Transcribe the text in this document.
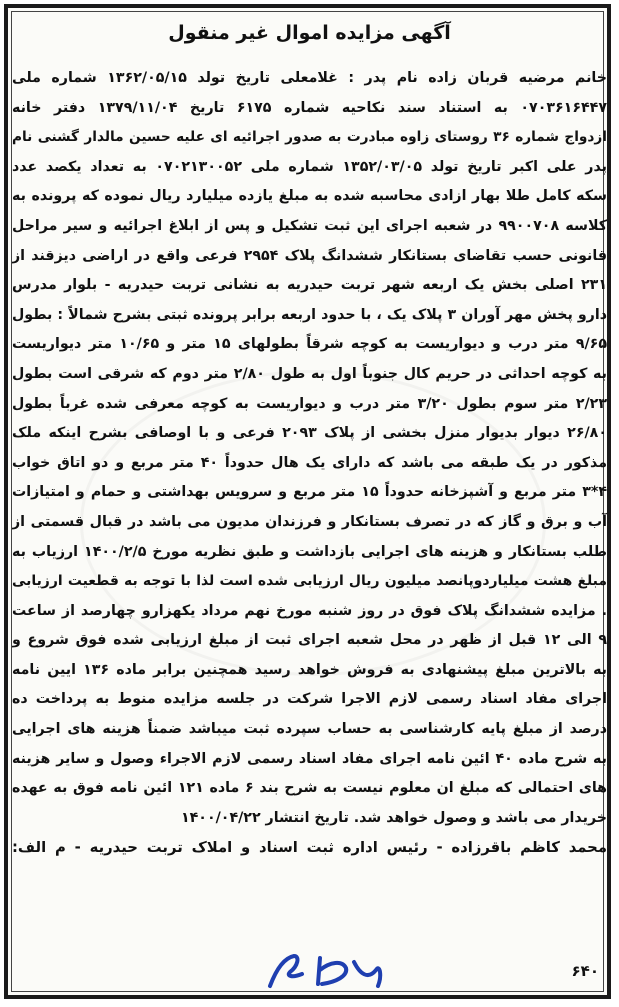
آگهی مزایده اموال غیر منقول
خانم مرضیه قربان زاده نام پدر : غلامعلی تاریخ تولد ۱۳۶۲/۰۵/۱۵ شماره ملی
۰۷۰۳۶۱۶۴۴۷ به استناد سند نکاحیه شماره ۶۱۷۵ تاریخ ۱۳۷۹/۱۱/۰۴ دفتر خانه
ازدواج شماره ۳۶ روستای زاوه مبادرت به صدور اجرائیه ای علیه حسین مالدار گشنی نام
پدر علی اکبر تاریخ تولد ۱۳۵۲/۰۳/۰۵ شماره ملی ۰۷۰۲۱۳۰۰۵۲ به تعداد یکصد عدد
سکه کامل طلا بهار ازادی محاسبه شده به مبلغ یازده میلیارد ریال نموده که پرونده به
کلاسه ۹۹۰۰۷۰۸ در شعبه اجرای این ثبت تشکیل و پس از ابلاغ اجرائیه و سیر مراحل
قانونی حسب تقاضای بستانکار ششدانگ پلاک ۲۹۵۴ فرعی واقع در اراضی دیزقند از
۲۳۱ اصلی بخش یک اربعه شهر تربت حیدریه به نشانی تربت حیدریه - بلوار مدرس
دارو پخش مهر آوران ۳ پلاک یک ، با حدود اربعه برابر پرونده ثبتی بشرح شمالاً : بطول
۹/۶۵ متر درب و دیواریست به کوچه شرقاً بطولهای ۱۵ متر و ۱۰/۶۵ متر دیواریست
به کوچه احداثی در حریم کال جنوباً اول به طول ۲/۸۰ متر دوم که شرقی است بطول
۲/۲۳ متر سوم بطول ۳/۲۰ متر درب و دیواریست به کوچه معرفی شده غرباً بطول
۲۶/۸۰ دیوار بدیوار منزل بخشی از پلاک ۲۰۹۳ فرعی و با اوصافی بشرح اینکه ملک
مذکور در یک طبقه می باشد که دارای یک هال حدوداً ۴۰ متر مربع و دو اتاق خواب
۴*۳ متر مربع و آشپزخانه حدوداً ۱۵ متر مربع و سرویس بهداشتی و حمام و امتیازات
آب و برق و گاز که در تصرف بستانکار و فرزندان مدیون می باشد در قبال قسمتی از
طلب بستانکار و هزینه های اجرایی بازداشت و طبق نظریه مورخ ۱۴۰۰/۲/۵ ارزیاب به
مبلغ هشت میلیاردوپانصد میلیون ریال ارزیابی شده است لذا با توجه به قطعیت ارزیابی
. مزایده ششدانگ پلاک فوق در روز شنبه مورخ نهم مرداد یکهزارو چهارصد از ساعت
۹ الی ۱۲ قبل از ظهر در محل شعبه اجرای ثبت از مبلغ ارزیابی شده فوق شروع و
به بالاترین مبلغ پیشنهادی به فروش خواهد رسید همچنین برابر ماده ۱۳۶ ایین نامه
اجرای مفاد اسناد رسمی لازم الاجرا شرکت در جلسه مزایده منوط به پرداخت ده
درصد از مبلغ پایه کارشناسی به حساب سپرده ثبت میباشد ضمناً هزینه های اجرایی
به شرح ماده ۴۰ ائین نامه اجرای مفاد اسناد رسمی لازم الاجراء وصول و سایر هزینه
های احتمالی که مبلغ ان معلوم نیست به شرح بند ۶ ماده ۱۲۱ ائین نامه فوق به عهده
خریدار می باشد و وصول خواهد شد. تاریخ انتشار ۱۴۰۰/۰۴/۲۲
محمد کاظم باقرزاده - رئیس اداره ثبت اسناد و املاک تربت حیدریه - م الف:
۶۴۰
